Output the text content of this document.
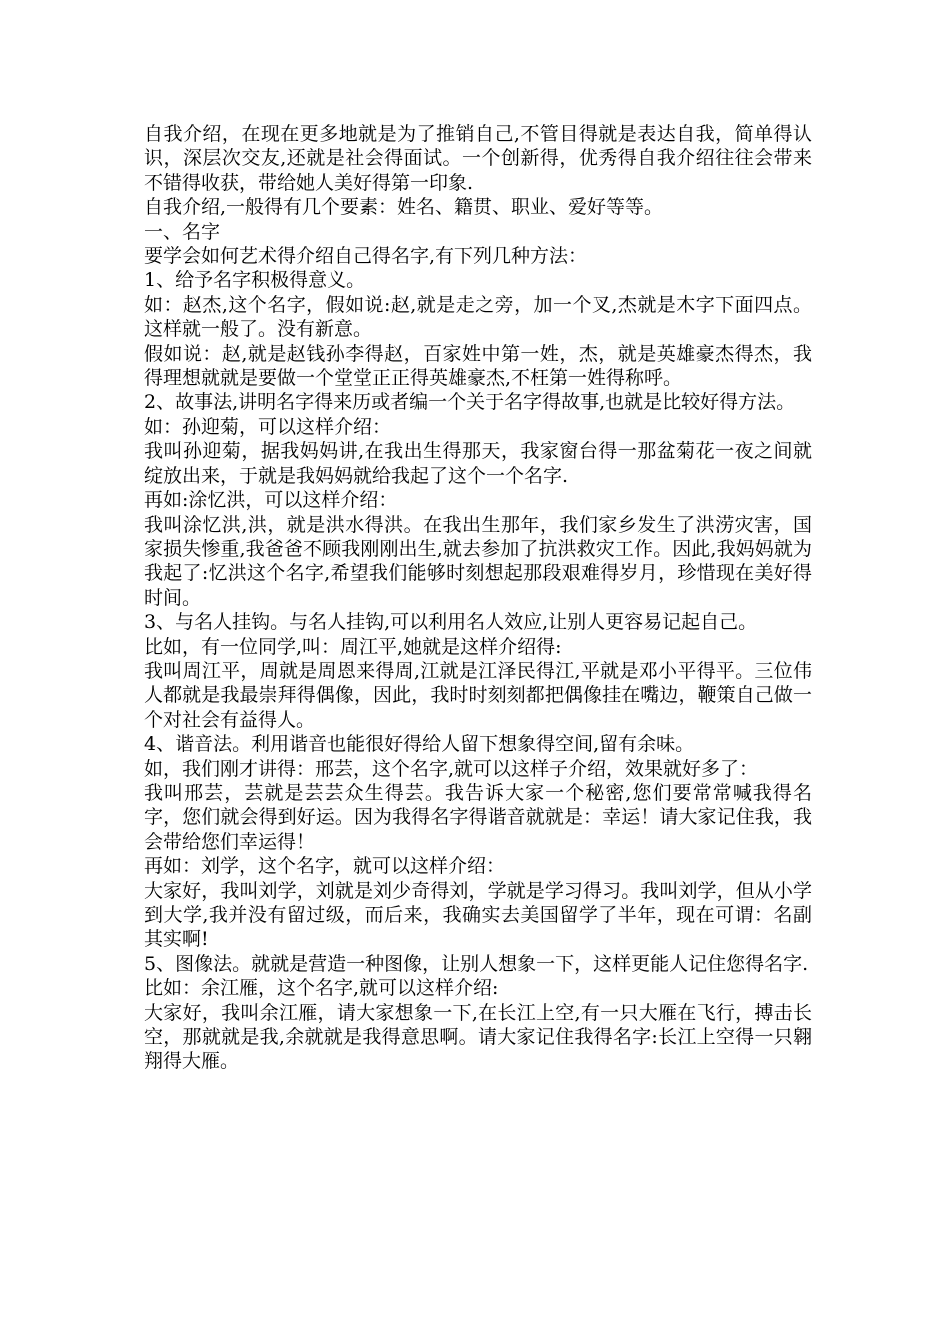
自我介绍，在现在更多地就是为了推销自己,不管目得就是表达自我，简单得认识，深层次交友,还就是社会得面试。一个创新得，优秀得自我介绍往往会带来不错得收获，带给她人美好得第一印象.

自我介绍,一般得有几个要素：姓名、籍贯、职业、爱好等等。

一、名字

要学会如何艺术得介绍自己得名字,有下列几种方法：

1、给予名字积极得意义。

如：赵杰,这个名字，假如说:赵,就是走之旁，加一个叉,杰就是木字下面四点。这样就一般了。没有新意。

假如说：赵,就是赵钱孙李得赵，百家姓中第一姓，杰，就是英雄豪杰得杰，我得理想就就是要做一个堂堂正正得英雄豪杰,不枉第一姓得称呼。

2、故事法,讲明名字得来历或者编一个关于名字得故事,也就是比较好得方法。

如：孙迎菊，可以这样介绍：

我叫孙迎菊，据我妈妈讲,在我出生得那天，我家窗台得一那盆菊花一夜之间就绽放出来，于就是我妈妈就给我起了这个一个名字.

再如:涂忆洪，可以这样介绍：

我叫涂忆洪,洪，就是洪水得洪。在我出生那年，我们家乡发生了洪涝灾害，国家损失惨重,我爸爸不顾我刚刚出生,就去参加了抗洪救灾工作。因此,我妈妈就为我起了:忆洪这个名字,希望我们能够时刻想起那段艰难得岁月，珍惜现在美好得时间。

3、与名人挂钩。与名人挂钩,可以利用名人效应,让别人更容易记起自己。

比如，有一位同学,叫：周江平,她就是这样介绍得:

我叫周江平，周就是周恩来得周,江就是江泽民得江,平就是邓小平得平。三位伟人都就是我最崇拜得偶像，因此，我时时刻刻都把偶像挂在嘴边，鞭策自己做一个对社会有益得人。

4、谐音法。利用谐音也能很好得给人留下想象得空间,留有余味。

如，我们刚才讲得：邢芸，这个名字,就可以这样子介绍，效果就好多了：

我叫邢芸，芸就是芸芸众生得芸。我告诉大家一个秘密,您们要常常喊我得名字，您们就会得到好运。因为我得名字得谐音就就是：幸运！请大家记住我，我会带给您们幸运得！

再如：刘学，这个名字，就可以这样介绍：

大家好，我叫刘学，刘就是刘少奇得刘，学就是学习得习。我叫刘学，但从小学到大学,我并没有留过级，而后来，我确实去美国留学了半年，现在可谓：名副其实啊!

5、图像法。就就是营造一种图像，让别人想象一下，这样更能人记住您得名字.

比如：余江雁，这个名字,就可以这样介绍:

大家好，我叫余江雁，请大家想象一下,在长江上空,有一只大雁在飞行，搏击长空，那就就是我,余就就是我得意思啊。请大家记住我得名字:长江上空得一只翱翔得大雁。
